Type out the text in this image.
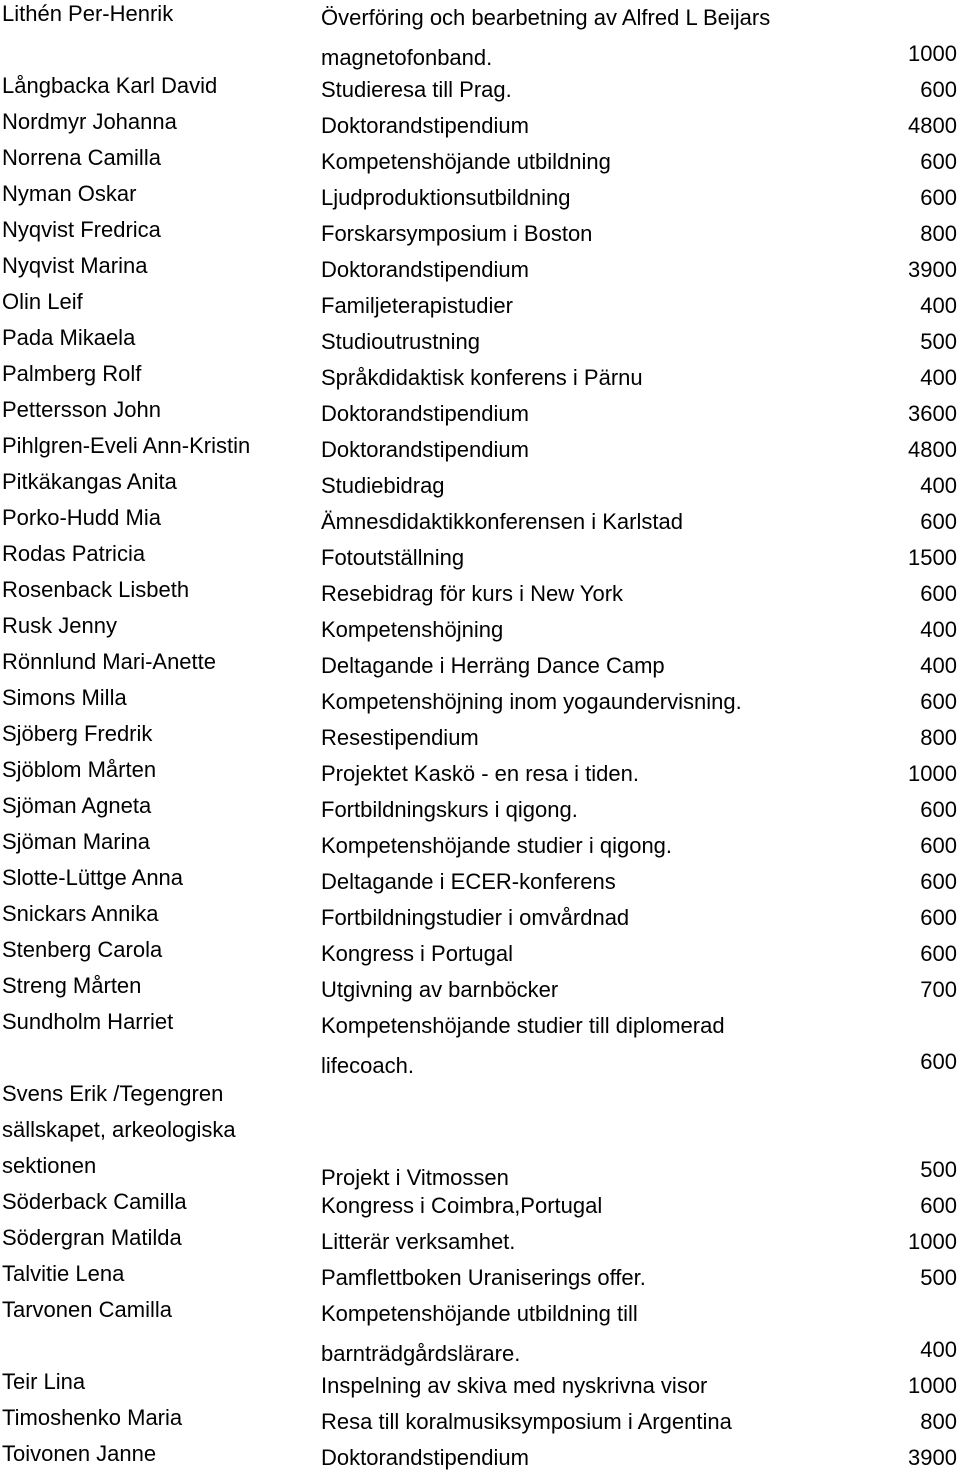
Lithén Per-Henrik	Överföring och bearbetning av Alfred L Beijars
magnetofonband.	1000
Långbacka Karl David	Studieresa till Prag.	600
Nordmyr Johanna	Doktorandstipendium	4800
Norrena Camilla	Kompetenshöjande utbildning	600
Nyman Oskar	Ljudproduktionsutbildning	600
Nyqvist Fredrica	Forskarsymposium i Boston	800
Nyqvist Marina	Doktorandstipendium	3900
Olin Leif	Familjeterapistudier	400
Pada Mikaela	Studioutrustning	500
Palmberg Rolf	Språkdidaktisk konferens i Pärnu	400
Pettersson John	Doktorandstipendium	3600
Pihlgren-Eveli Ann-Kristin	Doktorandstipendium	4800
Pitkäkangas Anita	Studiebidrag	400
Porko-Hudd Mia	Ämnesdidaktikkonferensen i Karlstad	600
Rodas Patricia	Fotoutställning	1500
Rosenback Lisbeth	Resebidrag för kurs i New York	600
Rusk Jenny	Kompetenshöjning	400
Rönnlund Mari-Anette	Deltagande i Herräng Dance Camp	400
Simons Milla	Kompetenshöjning inom yogaundervisning.	600
Sjöberg Fredrik	Resestipendium	800
Sjöblom Mårten	Projektet Kaskö - en resa i tiden.	1000
Sjöman Agneta	Fortbildningskurs i qigong.	600
Sjöman Marina	Kompetenshöjande studier i qigong.	600
Slotte-Lüttge Anna	Deltagande i ECER-konferens	600
Snickars Annika	Fortbildningstudier i omvårdnad	600
Stenberg Carola	Kongress i Portugal	600
Streng Mårten	Utgivning av barnböcker	700
Sundholm Harriet	Kompetenshöjande studier till diplomerad
lifecoach.	600
Svens Erik /Tegengren
sällskapet, arkeologiska
sektionen	Projekt i Vitmossen	500
Söderback Camilla	Kongress i Coimbra,Portugal	600
Södergran Matilda	Litterär verksamhet.	1000
Talvitie Lena	Pamflettboken Uraniserings offer.	500
Tarvonen Camilla	Kompetenshöjande utbildning till
barnträdgårdslärare.	400
Teir Lina	Inspelning av skiva med nyskrivna visor	1000
Timoshenko Maria	Resa till koralmusiksymposium i Argentina	800
Toivonen Janne	Doktorandstipendium	3900
